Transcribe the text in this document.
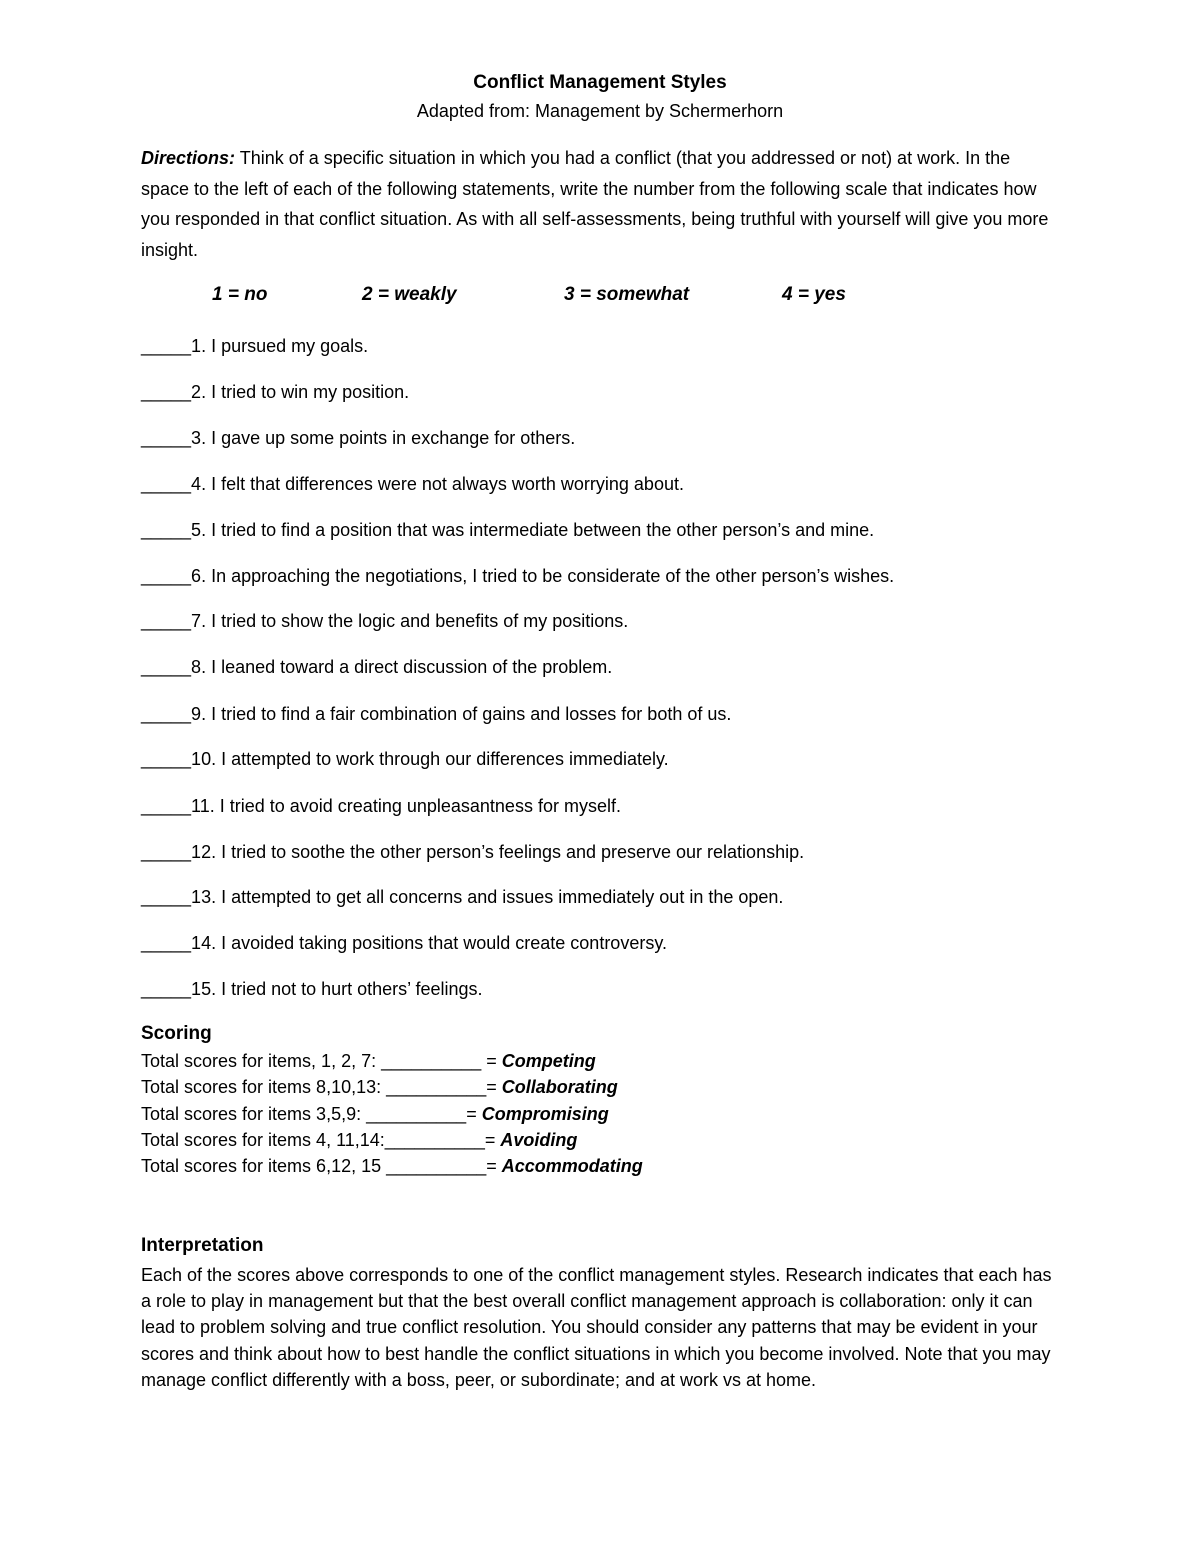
Conflict Management Styles
Adapted from: Management by Schermerhorn
Directions: Think of a specific situation in which you had a conflict (that you addressed or not) at work. In the space to the left of each of the following statements, write the number from the following scale that indicates how you responded in that conflict situation. As with all self-assessments, being truthful with yourself will give you more insight.
1 = no	2 = weakly	3 = somewhat	4 = yes
_____1. I pursued my goals.
_____2. I tried to win my position.
_____3. I gave up some points in exchange for others.
_____4. I felt that differences were not always worth worrying about.
_____5. I tried to find a position that was intermediate between the other person’s and mine.
_____6. In approaching the negotiations, I tried to be considerate of the other person’s wishes.
_____7. I tried to show the logic and benefits of my positions.
_____8. I leaned toward a direct discussion of the problem.
_____9. I tried to find a fair combination of gains and losses for both of us.
_____10. I attempted to work through our differences immediately.
_____11. I tried to avoid creating unpleasantness for myself.
_____12. I tried to soothe the other person’s feelings and preserve our relationship.
_____13. I attempted to get all concerns and issues immediately out in the open.
_____14. I avoided taking positions that would create controversy.
_____15. I tried not to hurt others’ feelings.
Scoring
Total scores for items, 1, 2, 7: __________ = Competing
Total scores for items 8,10,13: __________= Collaborating
Total scores for items 3,5,9: __________= Compromising
Total scores for items 4, 11,14:__________= Avoiding
Total scores for items 6,12, 15 __________= Accommodating
Interpretation
Each of the scores above corresponds to one of the conflict management styles. Research indicates that each has a role to play in management but that the best overall conflict management approach is collaboration: only it can lead to problem solving and true conflict resolution. You should consider any patterns that may be evident in your scores and think about how to best handle the conflict situations in which you become involved. Note that you may manage conflict differently with a boss, peer, or subordinate; and at work vs at home.
